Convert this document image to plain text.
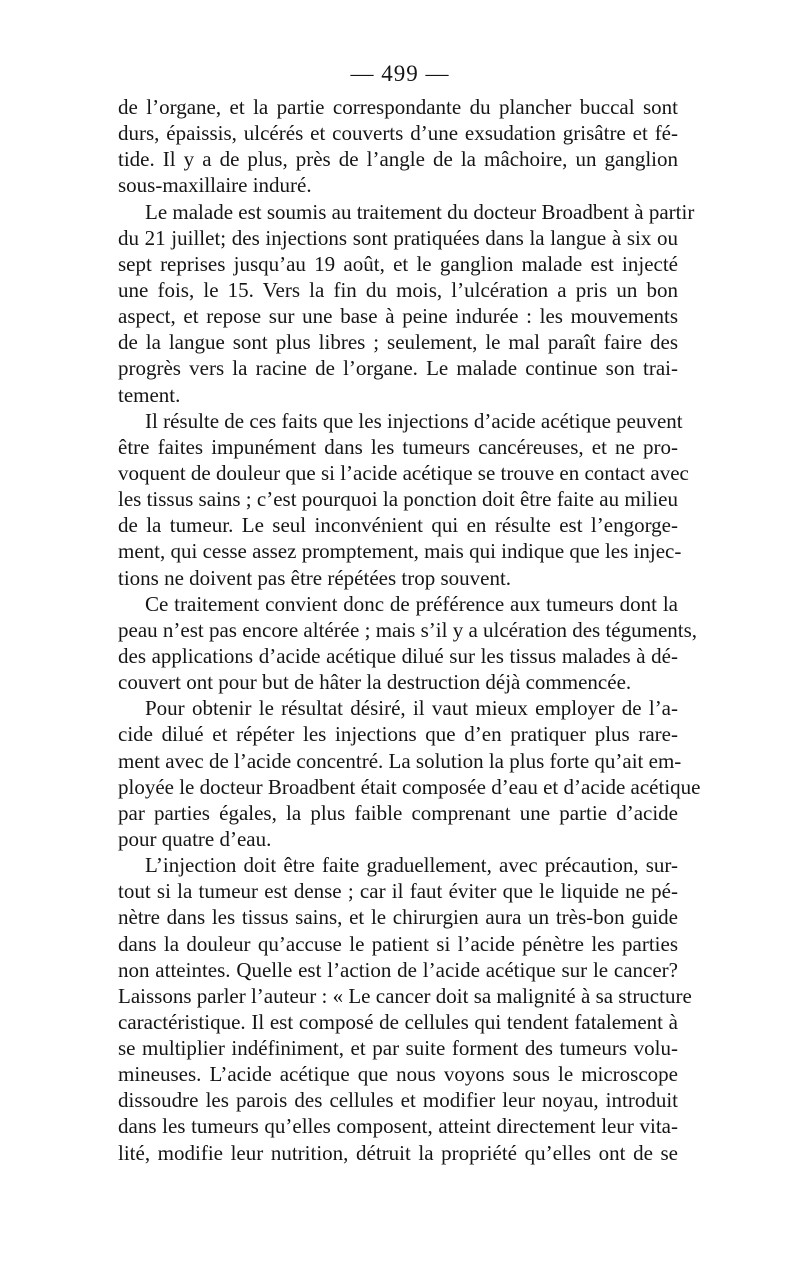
— 499 —
de l’organe, et la partie correspondante du plancher buccal sont
durs, épaissis, ulcérés et couverts d’une exsudation grisâtre et fé-
tide. Il y a de plus, près de l’angle de la mâchoire, un ganglion
sous-maxillaire induré.
Le malade est soumis au traitement du docteur Broadbent à partir
du 21 juillet; des injections sont pratiquées dans la langue à six ou
sept reprises jusqu’au 19 août, et le ganglion malade est injecté
une fois, le 15. Vers la fin du mois, l’ulcération a pris un bon
aspect, et repose sur une base à peine indurée : les mouvements
de la langue sont plus libres ; seulement, le mal paraît faire des
progrès vers la racine de l’organe. Le malade continue son trai-
tement.
Il résulte de ces faits que les injections d’acide acétique peuvent
être faites impunément dans les tumeurs cancéreuses, et ne pro-
voquent de douleur que si l’acide acétique se trouve en contact avec
les tissus sains ; c’est pourquoi la ponction doit être faite au milieu
de la tumeur. Le seul inconvénient qui en résulte est l’engorge-
ment, qui cesse assez promptement, mais qui indique que les injec-
tions ne doivent pas être répétées trop souvent.
Ce traitement convient donc de préférence aux tumeurs dont la
peau n’est pas encore altérée ; mais s’il y a ulcération des téguments,
des applications d’acide acétique dilué sur les tissus malades à dé-
couvert ont pour but de hâter la destruction déjà commencée.
Pour obtenir le résultat désiré, il vaut mieux employer de l’a-
cide dilué et répéter les injections que d’en pratiquer plus rare-
ment avec de l’acide concentré. La solution la plus forte qu’ait em-
ployée le docteur Broadbent était composée d’eau et d’acide acétique
par parties égales, la plus faible comprenant une partie d’acide
pour quatre d’eau.
L’injection doit être faite graduellement, avec précaution, sur-
tout si la tumeur est dense ; car il faut éviter que le liquide ne pé-
nètre dans les tissus sains, et le chirurgien aura un très-bon guide
dans la douleur qu’accuse le patient si l’acide pénètre les parties
non atteintes. Quelle est l’action de l’acide acétique sur le cancer?
Laissons parler l’auteur : « Le cancer doit sa malignité à sa structure
caractéristique. Il est composé de cellules qui tendent fatalement à
se multiplier indéfiniment, et par suite forment des tumeurs volu-
mineuses. L’acide acétique que nous voyons sous le microscope
dissoudre les parois des cellules et modifier leur noyau, introduit
dans les tumeurs qu’elles composent, atteint directement leur vita-
lité, modifie leur nutrition, détruit la propriété qu’elles ont de se
